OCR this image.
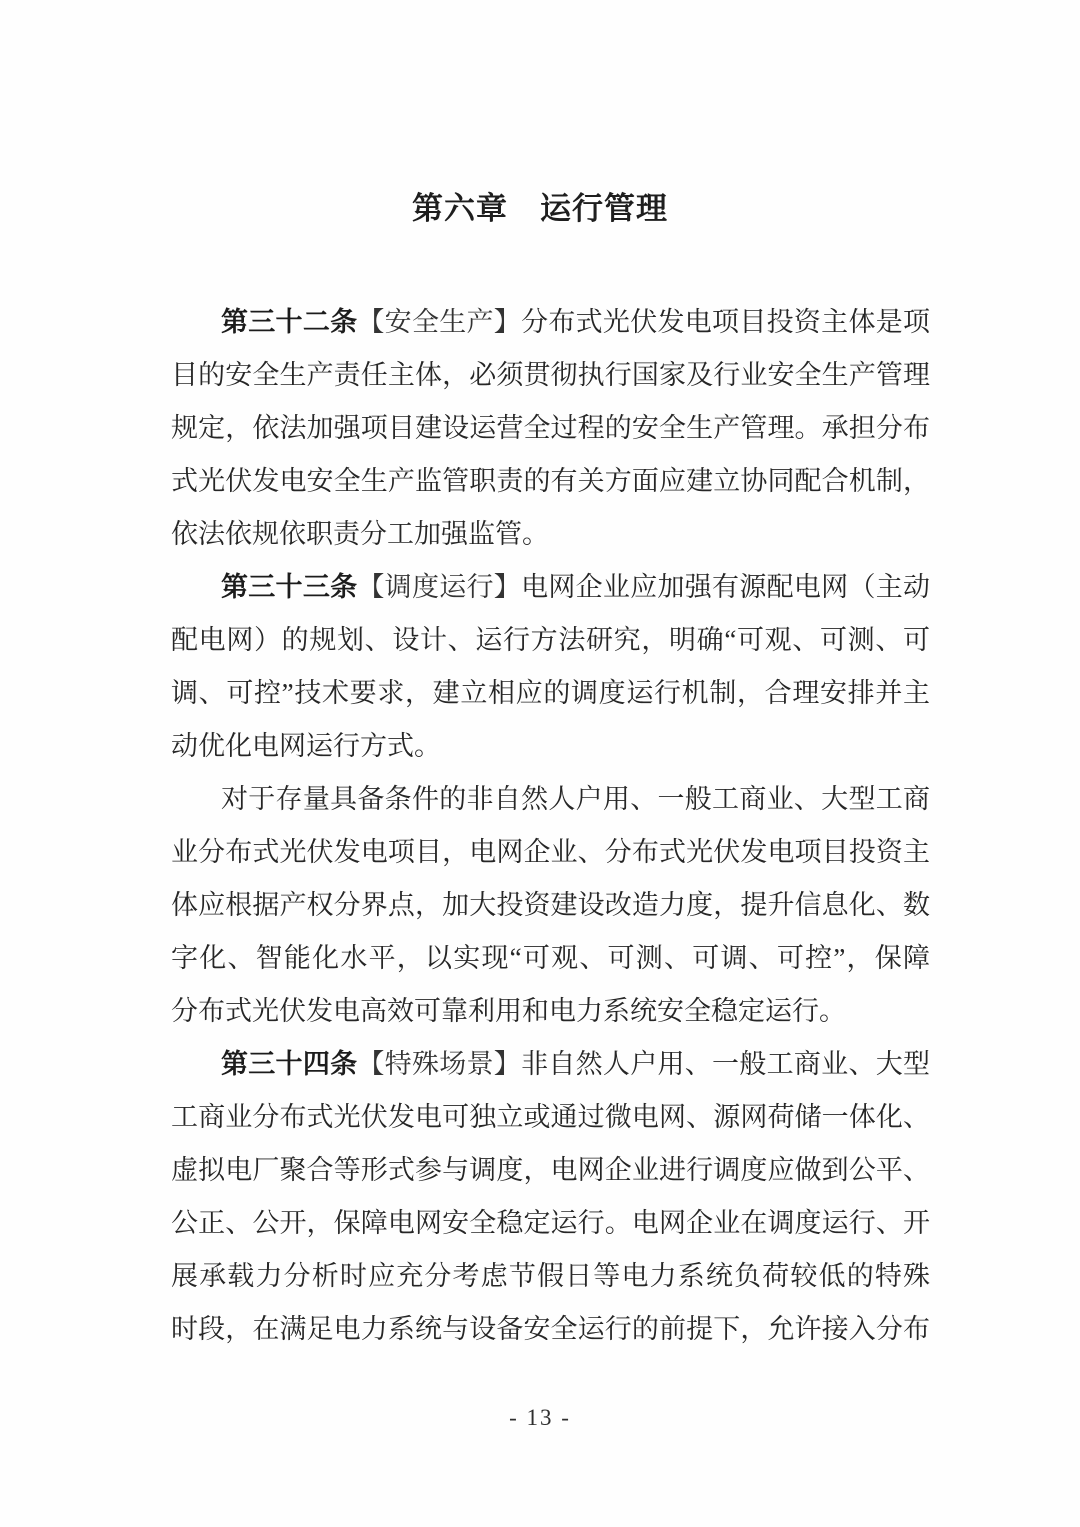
第六章　运行管理
第三十二条【安全生产】分布式光伏发电项目投资主体是项
目的安全生产责任主体，必须贯彻执行国家及行业安全生产管理
规定，依法加强项目建设运营全过程的安全生产管理。承担分布
式光伏发电安全生产监管职责的有关方面应建立协同配合机制，
依法依规依职责分工加强监管。
第三十三条【调度运行】电网企业应加强有源配电网（主动
配电网）的规划、设计、运行方法研究，明确“可观、可测、可
调、可控”技术要求，建立相应的调度运行机制，合理安排并主
动优化电网运行方式。
对于存量具备条件的非自然人户用、一般工商业、大型工商
业分布式光伏发电项目，电网企业、分布式光伏发电项目投资主
体应根据产权分界点，加大投资建设改造力度，提升信息化、数
字化、智能化水平，以实现“可观、可测、可调、可控”，保障
分布式光伏发电高效可靠利用和电力系统安全稳定运行。
第三十四条【特殊场景】非自然人户用、一般工商业、大型
工商业分布式光伏发电可独立或通过微电网、源网荷储一体化、
虚拟电厂聚合等形式参与调度，电网企业进行调度应做到公平、
公正、公开，保障电网安全稳定运行。电网企业在调度运行、开
展承载力分析时应充分考虑节假日等电力系统负荷较低的特殊
时段，在满足电力系统与设备安全运行的前提下，允许接入分布
- 13 -
